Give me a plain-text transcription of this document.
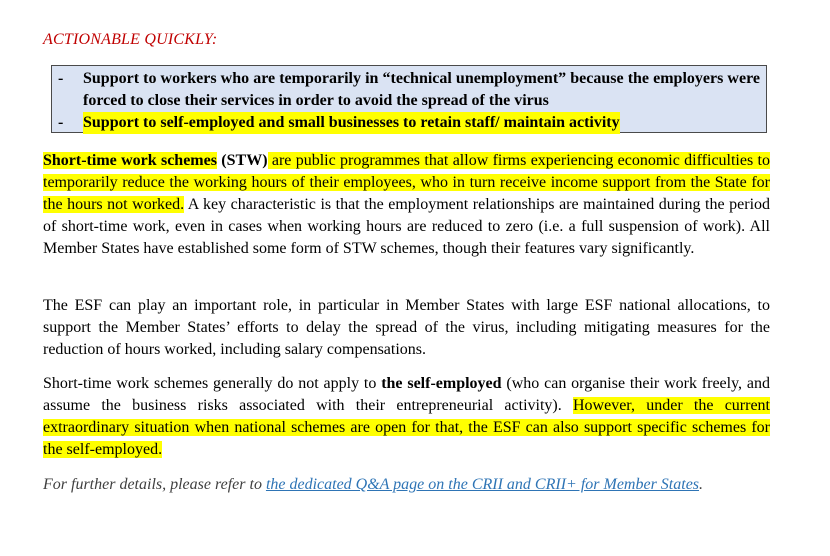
ACTIONABLE QUICKLY:
-	Support to workers who are temporarily in “technical unemployment” because the employers were forced to close their services in order to avoid the spread of the virus
-	Support to self-employed and small businesses to retain staff/ maintain activity

Short-time work schemes (STW) are public programmes that allow firms experiencing economic difficulties to temporarily reduce the working hours of their employees, who in turn receive income support from the State for the hours not worked. A key characteristic is that the employment relationships are maintained during the period of short-time work, even in cases when working hours are reduced to zero (i.e. a full suspension of work). All Member States have established some form of STW schemes, though their features vary significantly.

The ESF can play an important role, in particular in Member States with large ESF national allocations, to support the Member States’ efforts to delay the spread of the virus, including mitigating measures for the reduction of hours worked, including salary compensations.

Short-time work schemes generally do not apply to the self-employed (who can organise their work freely, and assume the business risks associated with their entrepreneurial activity). However, under the current extraordinary situation when national schemes are open for that, the ESF can also support specific schemes for the self-employed.

For further details, please refer to the dedicated Q&A page on the CRII and CRII+ for Member States.
